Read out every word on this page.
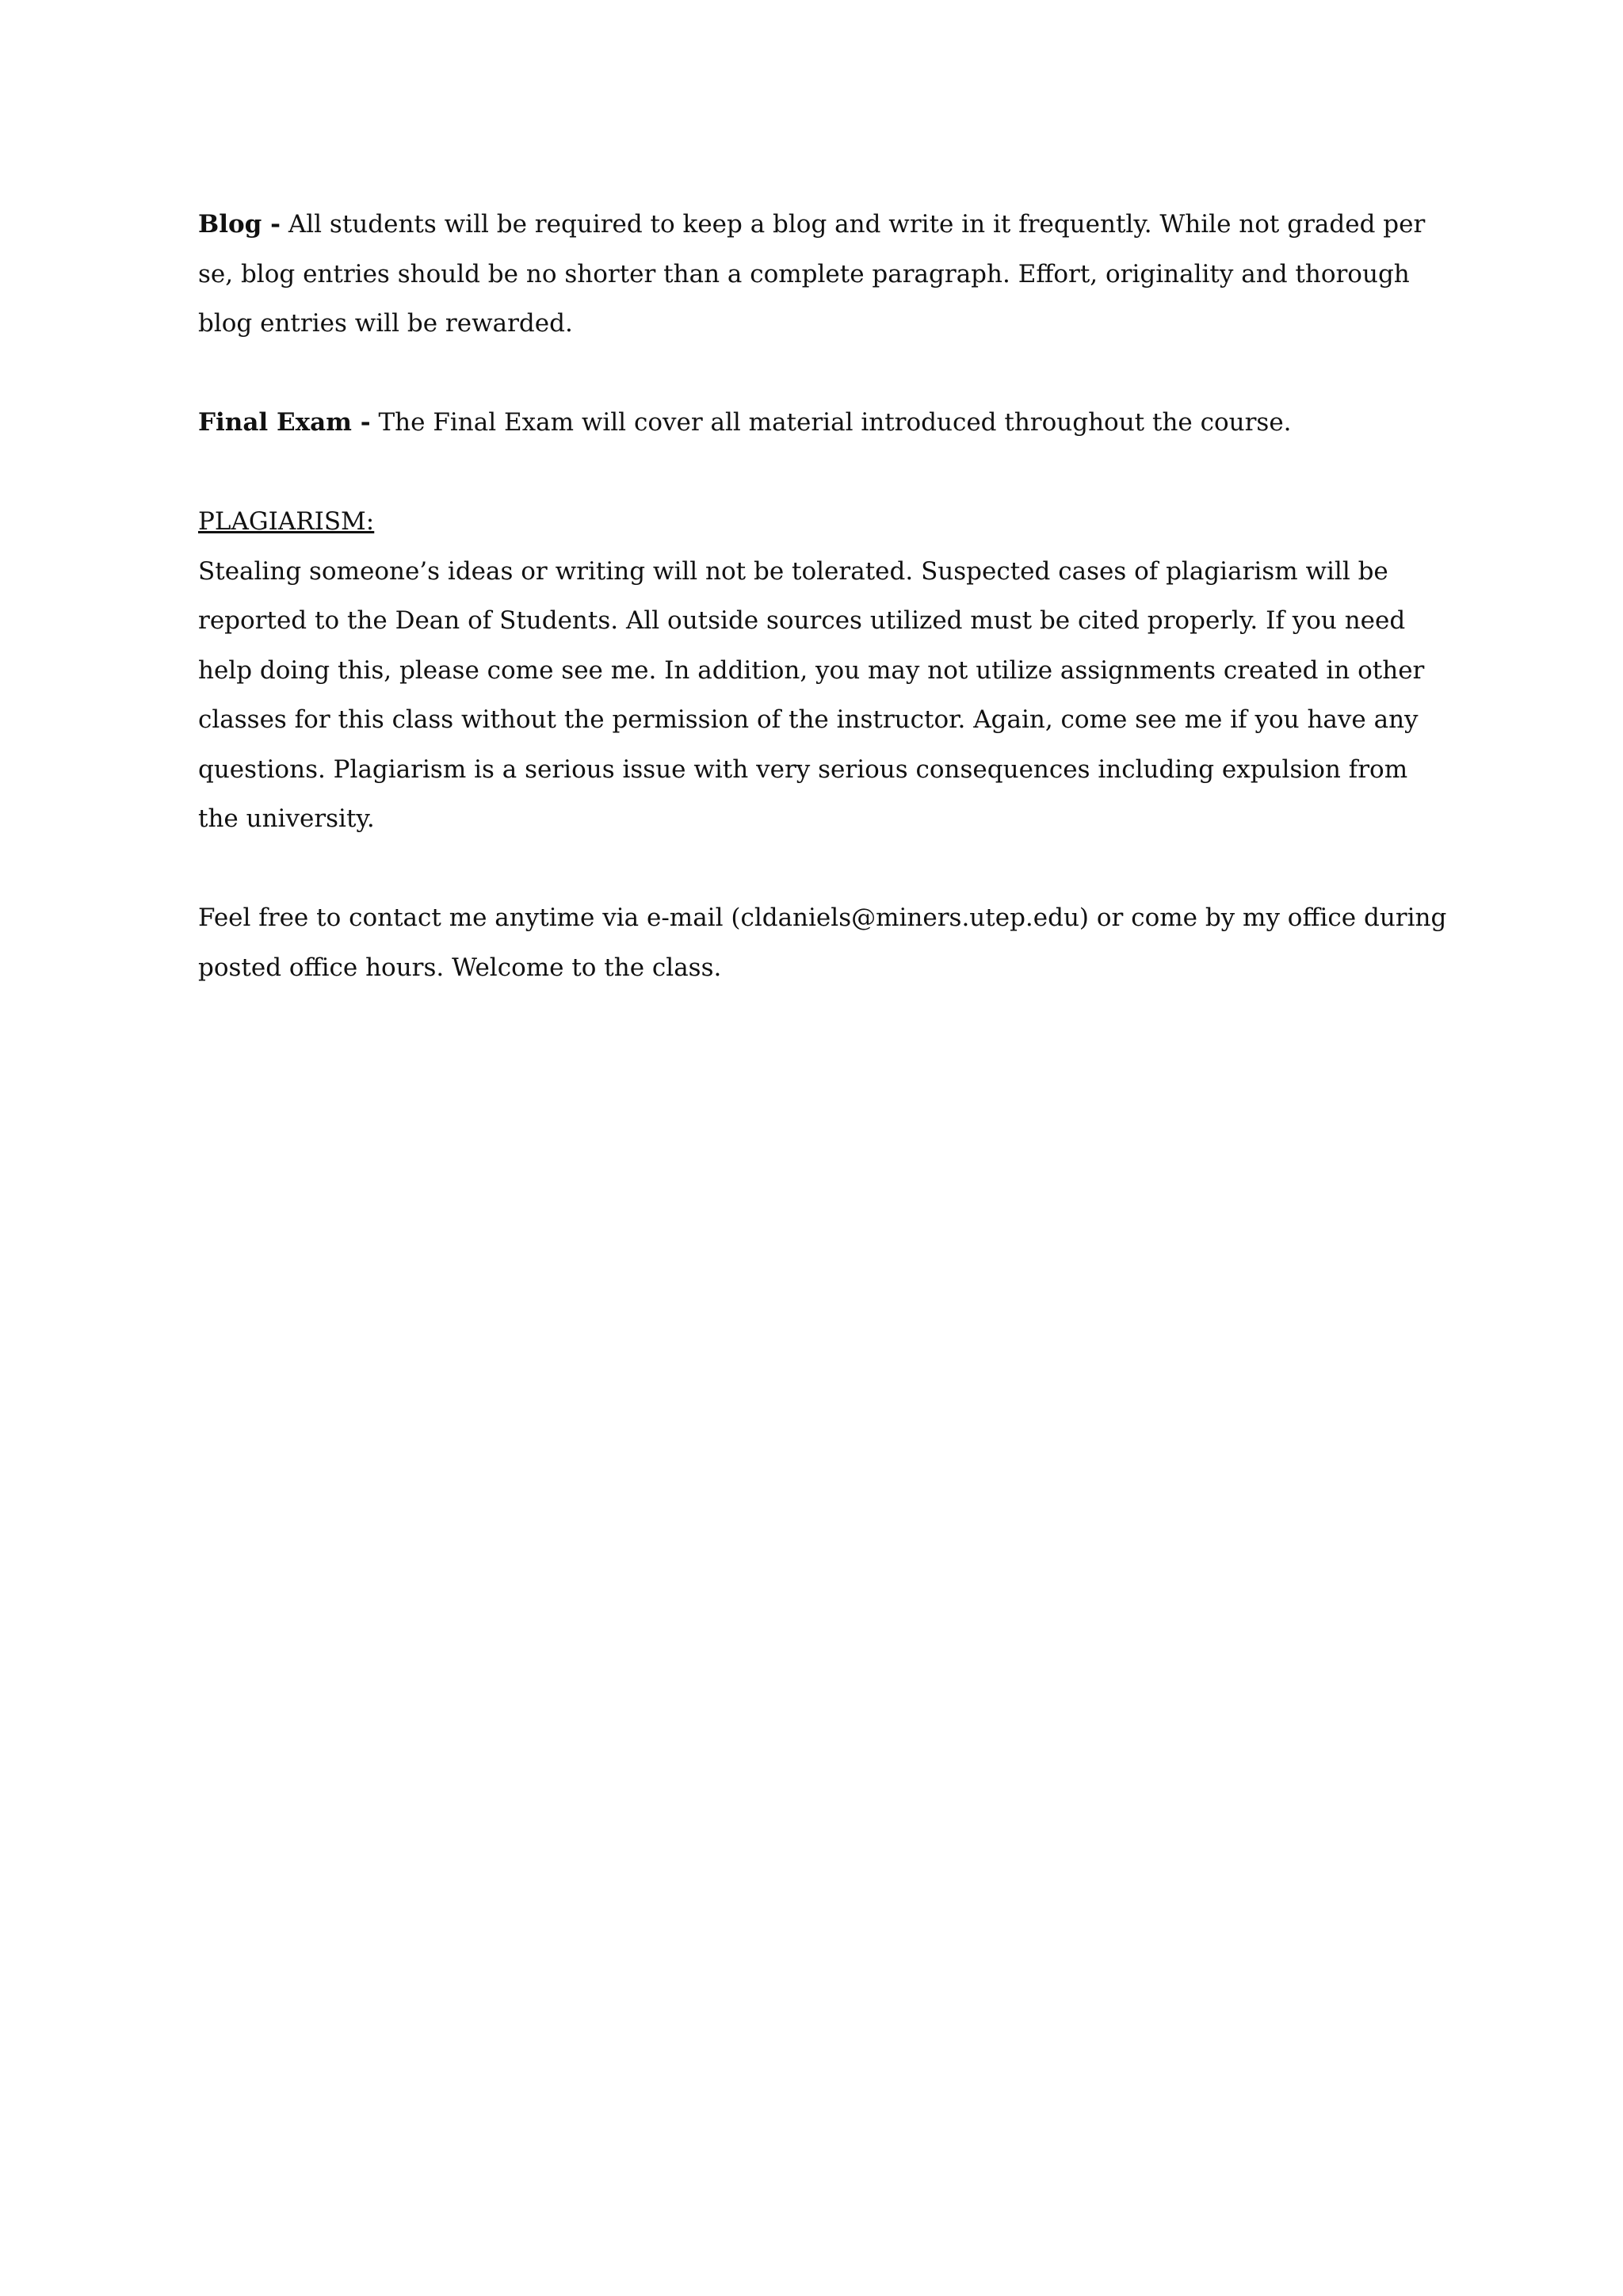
Blog - All students will be required to keep a blog and write in it frequently. While not graded per se, blog entries should be no shorter than a complete paragraph. Effort, originality and thorough blog entries will be rewarded.

Final Exam - The Final Exam will cover all material introduced throughout the course.

PLAGIARISM:
Stealing someone’s ideas or writing will not be tolerated. Suspected cases of plagiarism will be reported to the Dean of Students. All outside sources utilized must be cited properly. If you need help doing this, please come see me. In addition, you may not utilize assignments created in other classes for this class without the permission of the instructor. Again, come see me if you have any questions. Plagiarism is a serious issue with very serious consequences including expulsion from the university.

Feel free to contact me anytime via e-mail (cldaniels@miners.utep.edu) or come by my office during posted office hours. Welcome to the class.
